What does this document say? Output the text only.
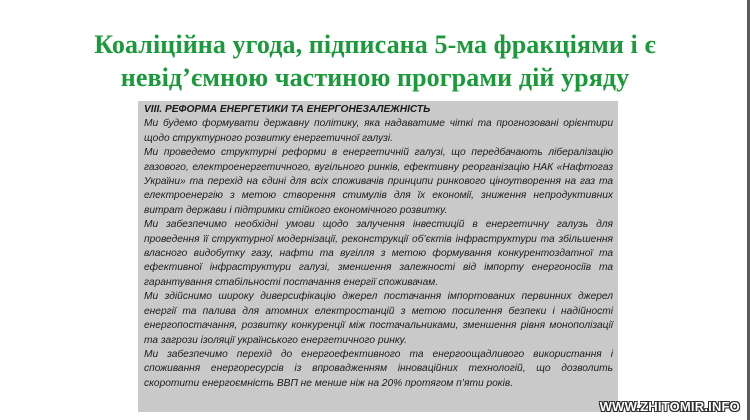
Коаліційна угода, підписана 5-ма фракціями і є невід’ємною частиною програми дій уряду
VIII. РЕФОРМА ЕНЕРГЕТИКИ ТА ЕНЕРГОНЕЗАЛЕЖНІСТЬ

Ми будемо формувати державну політику, яка надаватиме чіткі та прогнозовані орієнтири щодо структурного розвитку енергетичної галузі.

Ми проведемо структурні реформи в енергетичній галузі, що передбачають лібералізацію газового, електроенергетичного, вугільного ринків, ефективну реорганізацію НАК «Нафтогаз України» та перехід на єдині для всіх споживачів принципи ринкового ціноутворення на газ та електроенергію з метою створення стимулів для їх економії, зниження непродуктивних витрат держави і підтримки стійкого економічного розвитку.

Ми забезпечимо необхідні умови щодо залучення інвестицій в енергетичну галузь для проведення її структурної модернізації, реконструкції об’єктів інфраструктури та збільшення власного видобутку газу, нафти та вугілля з метою формування конкурентоздатної та ефективної інфраструктури галузі, зменшення залежності від імпорту енергоносіїв та гарантування стабільності постачання енергії споживачам.

Ми здійснимо широку диверсифікацію джерел постачання імпортованих первинних джерел енергії та палива для атомних електростанцій з метою посилення безпеки і надійності енергопостачання, розвитку конкуренції між постачальниками, зменшення рівня монополізації та загрози ізоляції українського енергетичного ринку.

Ми забезпечимо перехід до енергоефективного та енергоощадливого використання і споживання енергоресурсів із впровадженням інноваційних технологій, що дозволить скоротити енергоємність ВВП не менше ніж на 20% протягом п’яти років.

WWW.ZHITOMIR.INFO
